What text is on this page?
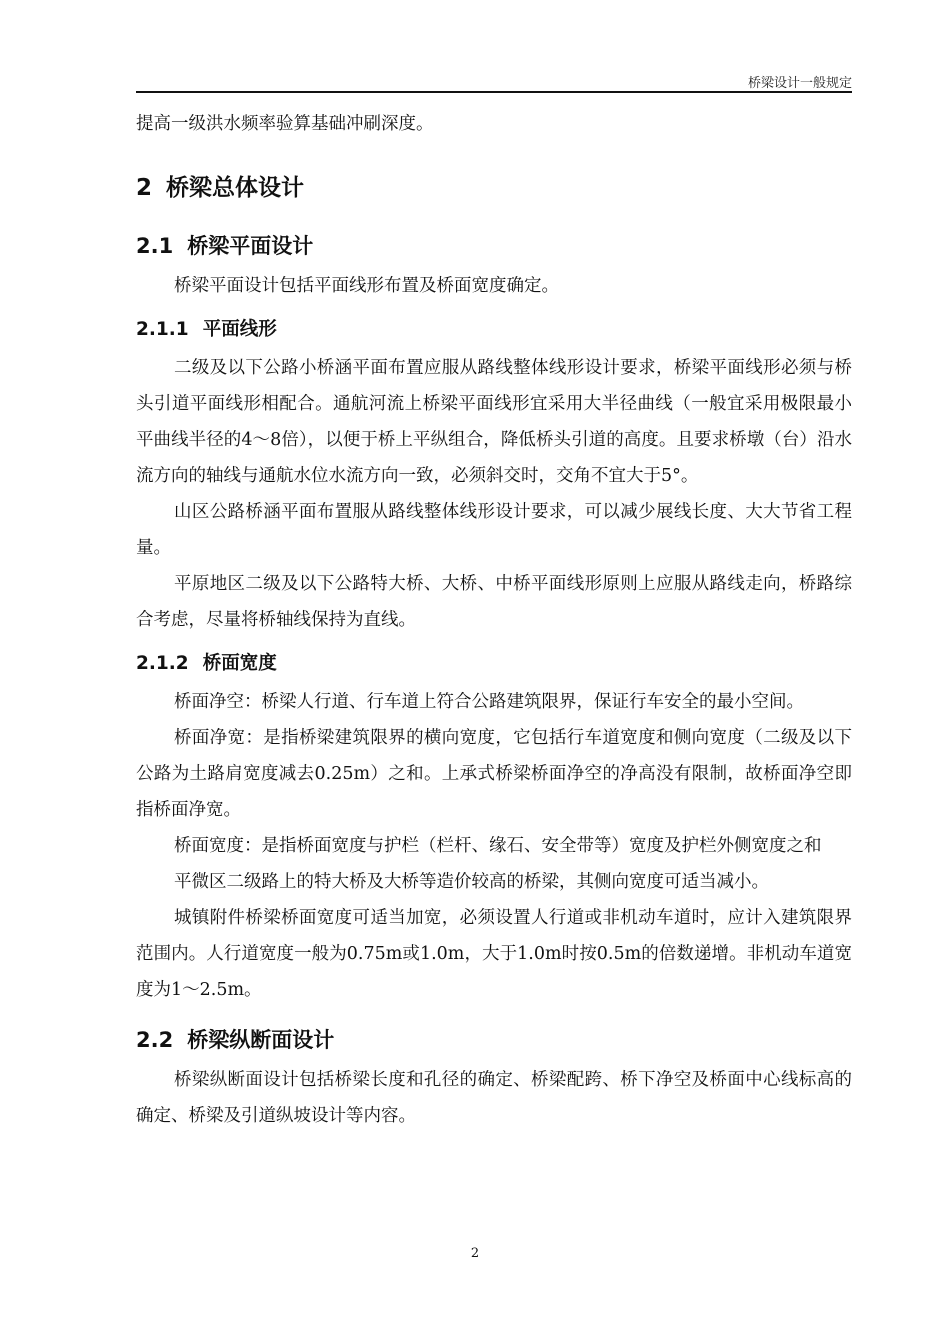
桥梁设计一般规定

提高一级洪水频率验算基础冲刷深度。

2 桥梁总体设计
2.1 桥梁平面设计

桥梁平面设计包括平面线形布置及桥面宽度确定。

2.1.1 平面线形

二级及以下公路小桥涵平面布置应服从路线整体线形设计要求，桥梁平面线形必须与桥头引道平面线形相配合。通航河流上桥梁平面线形宜采用大半径曲线（一般宜采用极限最小平曲线半径的4～8倍），以便于桥上平纵组合，降低桥头引道的高度。且要求桥墩（台）沿水流方向的轴线与通航水位水流方向一致，必须斜交时，交角不宜大于5°。

山区公路桥涵平面布置服从路线整体线形设计要求，可以减少展线长度、大大节省工程量。

平原地区二级及以下公路特大桥、大桥、中桥平面线形原则上应服从路线走向，桥路综合考虑，尽量将桥轴线保持为直线。

2.1.2 桥面宽度

桥面净空：桥梁人行道、行车道上符合公路建筑限界，保证行车安全的最小空间。

桥面净宽：是指桥梁建筑限界的横向宽度，它包括行车道宽度和侧向宽度（二级及以下公路为土路肩宽度减去0.25m）之和。上承式桥梁桥面净空的净高没有限制，故桥面净空即指桥面净宽。

桥面宽度：是指桥面宽度与护栏（栏杆、缘石、安全带等）宽度及护栏外侧宽度之和

平微区二级路上的特大桥及大桥等造价较高的桥梁，其侧向宽度可适当减小。

城镇附件桥梁桥面宽度可适当加宽，必须设置人行道或非机动车道时，应计入建筑限界范围内。人行道宽度一般为0.75m或1.0m，大于1.0m时按0.5m的倍数递增。非机动车道宽度为1～2.5m。

2.2 桥梁纵断面设计

桥梁纵断面设计包括桥梁长度和孔径的确定、桥梁配跨、桥下净空及桥面中心线标高的确定、桥梁及引道纵坡设计等内容。

2
